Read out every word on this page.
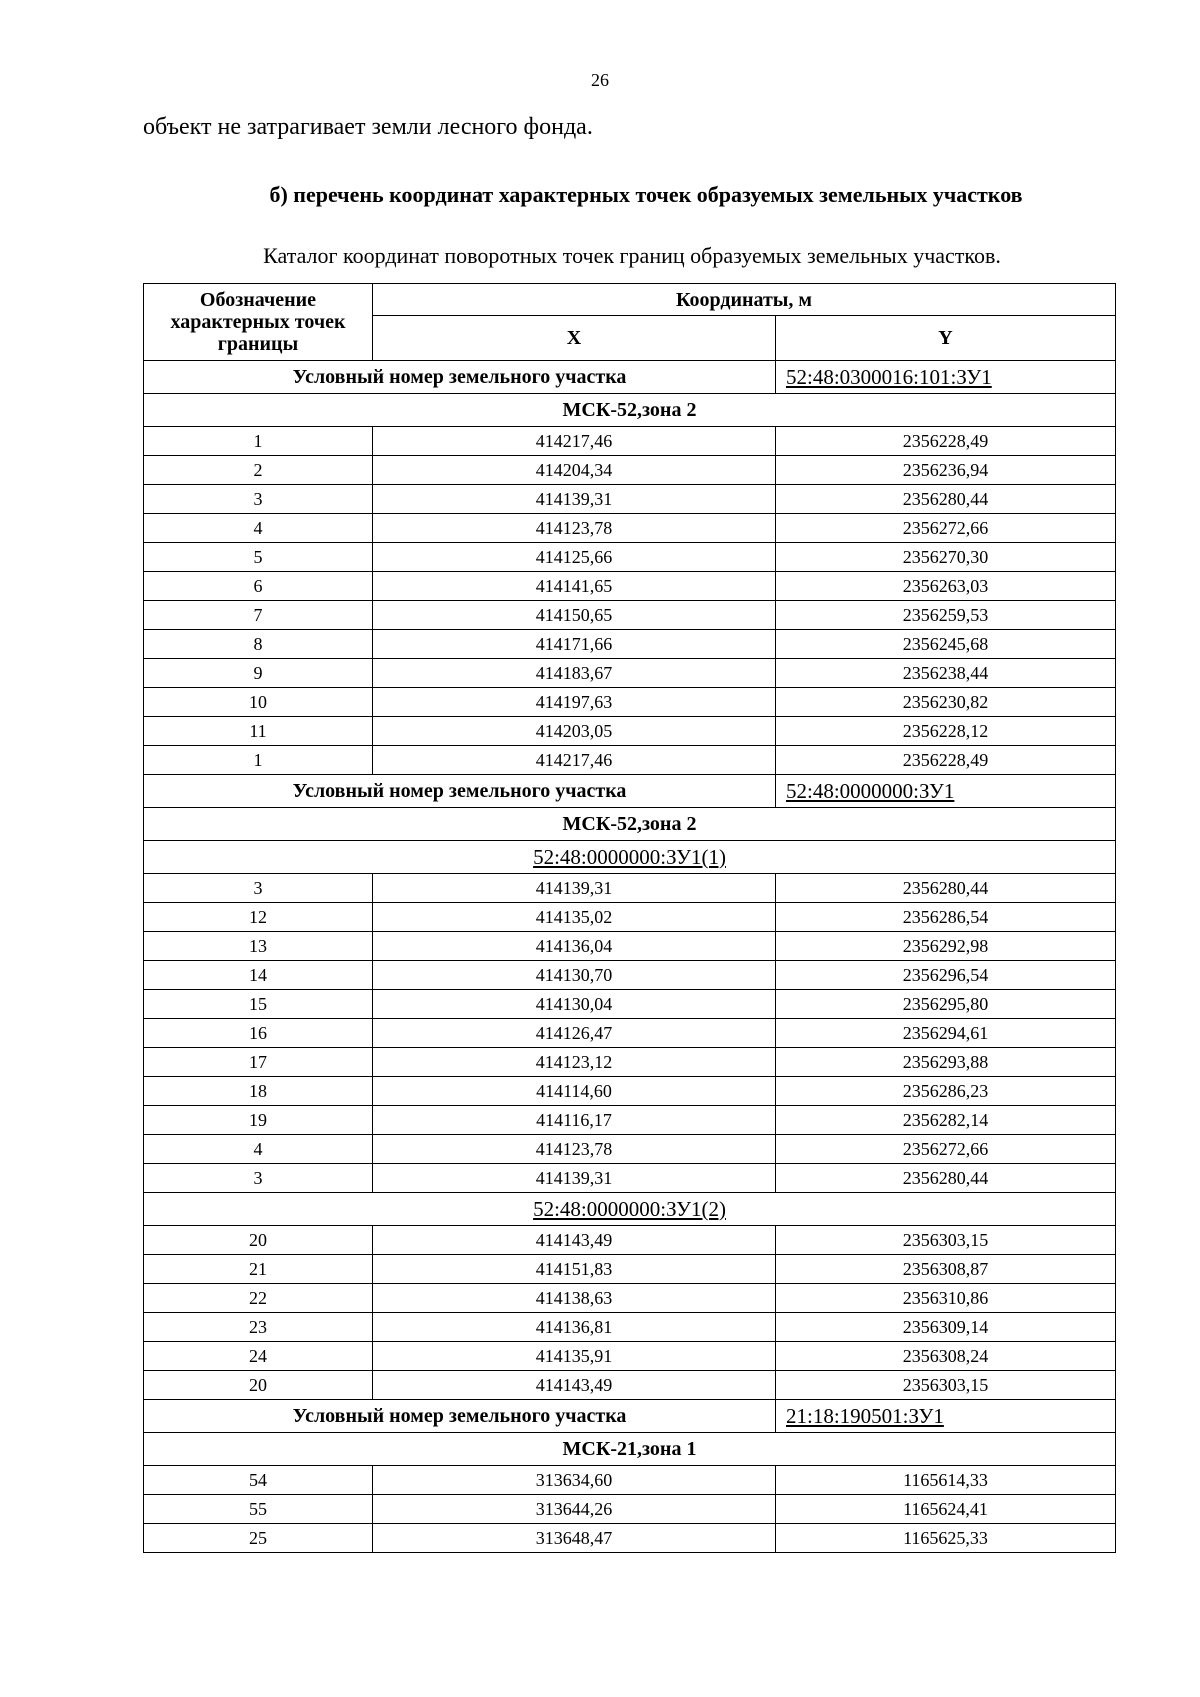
26
объект не затрагивает земли лесного фонда.
б) перечень координат характерных точек образуемых земельных участков
Каталог координат поворотных точек границ образуемых земельных участков.
Обозначение характерных точек границы	Координаты, м	
	X	Y
Условный номер земельного участка		52:48:0300016:101:ЗУ1
МСК-52,зона 2		
1	414217,46	2356228,49
2	414204,34	2356236,94
3	414139,31	2356280,44
4	414123,78	2356272,66
5	414125,66	2356270,30
6	414141,65	2356263,03
7	414150,65	2356259,53
8	414171,66	2356245,68
9	414183,67	2356238,44
10	414197,63	2356230,82
11	414203,05	2356228,12
1	414217,46	2356228,49
Условный номер земельного участка		52:48:0000000:ЗУ1
МСК-52,зона 2		
52:48:0000000:ЗУ1(1)		
3	414139,31	2356280,44
12	414135,02	2356286,54
13	414136,04	2356292,98
14	414130,70	2356296,54
15	414130,04	2356295,80
16	414126,47	2356294,61
17	414123,12	2356293,88
18	414114,60	2356286,23
19	414116,17	2356282,14
4	414123,78	2356272,66
3	414139,31	2356280,44
52:48:0000000:ЗУ1(2)		
20	414143,49	2356303,15
21	414151,83	2356308,87
22	414138,63	2356310,86
23	414136,81	2356309,14
24	414135,91	2356308,24
20	414143,49	2356303,15
Условный номер земельного участка		21:18:190501:ЗУ1
МСК-21,зона 1		
54	313634,60	1165614,33
55	313644,26	1165624,41
25	313648,47	1165625,33
